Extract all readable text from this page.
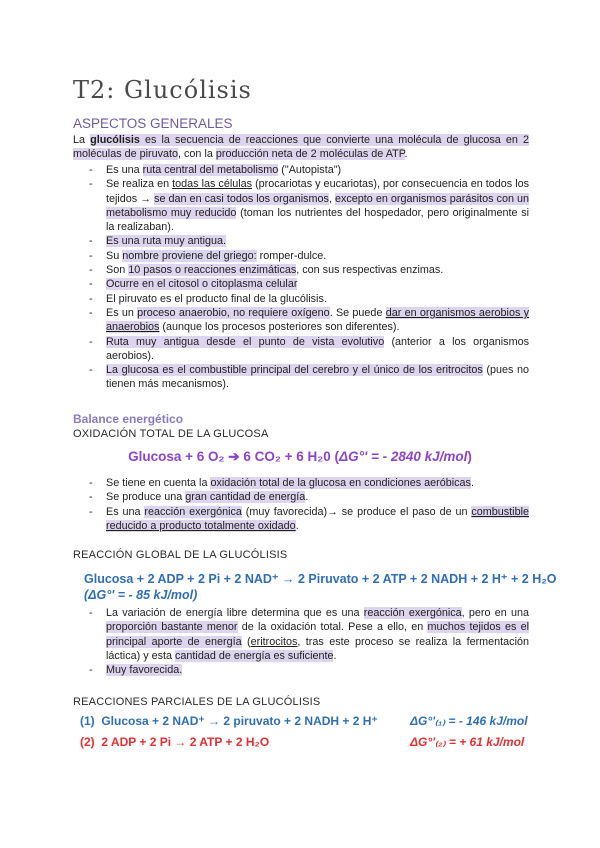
T2: Glucólisis
ASPECTOS GENERALES
La glucólisis es la secuencia de reacciones que convierte una molécula de glucosa en 2 moléculas de piruvato, con la producción neta de 2 moléculas de ATP.
- Es una ruta central del metabolismo ("Autopista")
- Se realiza en todas las células (procariotas y eucariotas), por consecuencia en todos los tejidos → se dan en casi todos los organismos, excepto en organismos parásitos con un metabolismo muy reducido (toman los nutrientes del hospedador, pero originalmente si la realizaban).
- Es una ruta muy antigua.
- Su nombre proviene del griego: romper-dulce.
- Son 10 pasos o reacciones enzimáticas, con sus respectivas enzimas.
- Ocurre en el citosol o citoplasma celular
- El piruvato es el producto final de la glucólisis.
- Es un proceso anaerobio, no requiere oxígeno. Se puede dar en organismos aerobios y anaerobios (aunque los procesos posteriores son diferentes).
- Ruta muy antigua desde el punto de vista evolutivo (anterior a los organismos aerobios).
- La glucosa es el combustible principal del cerebro y el único de los eritrocitos (pues no tienen más mecanismos).
Balance energético
OXIDACIÓN TOTAL DE LA GLUCOSA
Glucosa + 6 O₂ ➔ 6 CO₂ + 6 H₂0 (ΔG°' = - 2840 kJ/mol)
- Se tiene en cuenta la oxidación total de la glucosa en condiciones aeróbicas.
- Se produce una gran cantidad de energía.
- Es una reacción exergónica (muy favorecida)→ se produce el paso de un combustible reducido a producto totalmente oxidado.
REACCIÓN GLOBAL DE LA GLUCÓLISIS
Glucosa + 2 ADP + 2 Pi + 2 NAD⁺ → 2 Piruvato + 2 ATP + 2 NADH + 2 H⁺ + 2 H₂O
(ΔG°' = - 85 kJ/mol)
- La variación de energía libre determina que es una reacción exergónica, pero en una proporción bastante menor de la oxidación total. Pese a ello, en muchos tejidos es el principal aporte de energía (eritrocitos, tras este proceso se realiza la fermentación láctica) y esta cantidad de energía es suficiente.
- Muy favorecida.
REACCIONES PARCIALES DE LA GLUCÓLISIS
(1) Glucosa + 2 NAD⁺ → 2 piruvato + 2 NADH + 2 H⁺	ΔG°'₍₁₎ = - 146 kJ/mol
(2) 2 ADP + 2 Pi → 2 ATP + 2 H₂O	ΔG°'₍₂₎ = + 61 kJ/mol
